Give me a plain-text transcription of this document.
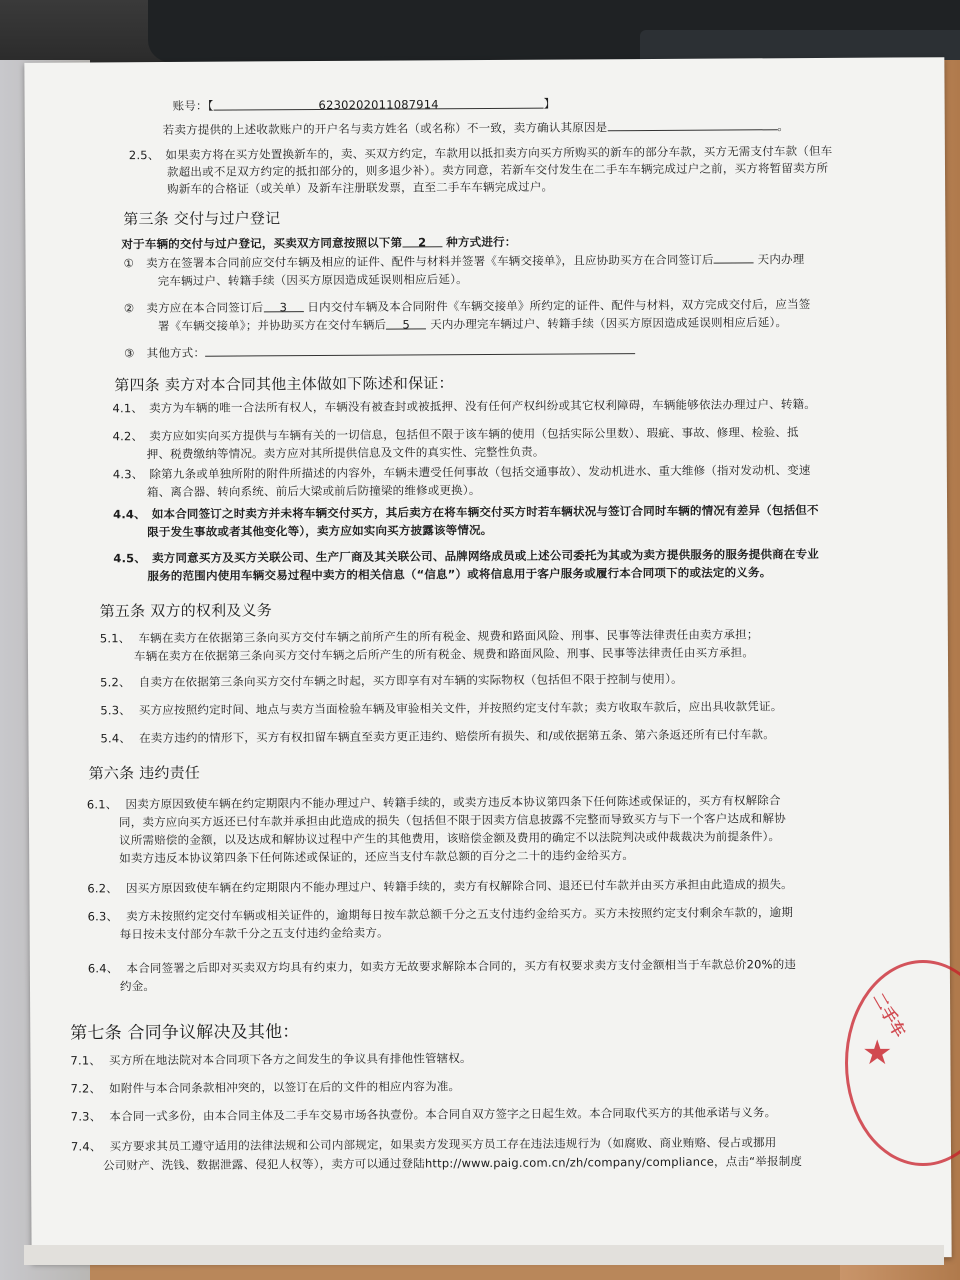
账号：【	6230202011087914	】
若卖方提供的上述收款账户的开户名与卖方姓名（或名称）不一致，卖方确认其原因是	。
2.5、 如果卖方将在买方处置换新车的，卖、买双方约定，车款用以抵扣卖方向买方所购买的新车的部分车款，买方无需支付车款（但车
款超出或不足双方约定的抵扣部分的，则多退少补）。卖方同意，若新车交付发生在二手车车辆完成过户之前，买方将暂留卖方所
购新车的合格证（或关单）及新车注册联发票，直至二手车车辆完成过户。
第三条 交付与过户登记
对于车辆的交付与过户登记，买卖双方同意按照以下第 2 种方式进行：
① 卖方在签署本合同前应交付车辆及相应的证件、配件与材料并签署《车辆交接单》，且应协助买方在合同签订后	天内办理
完车辆过户、转籍手续（因买方原因造成延误则相应后延）。
② 卖方应在本合同签订后 3 日内交付车辆及本合同附件《车辆交接单》所约定的证件、配件与材料，双方完成交付后，应当签
署《车辆交接单》；并协助买方在交付车辆后 5 天内办理完车辆过户、转籍手续（因买方原因造成延误则相应后延）。
③ 其他方式：
第四条 卖方对本合同其他主体做如下陈述和保证：
4.1、 卖方为车辆的唯一合法所有权人，车辆没有被查封或被抵押、没有任何产权纠纷或其它权利障碍，车辆能够依法办理过户、转籍。
4.2、 卖方应如实向买方提供与车辆有关的一切信息，包括但不限于该车辆的使用（包括实际公里数）、瑕疵、事故、修理、检验、抵
押、税费缴纳等情况。卖方应对其所提供信息及文件的真实性、完整性负责。
4.3、 除第九条或单独所附的附件所描述的内容外，车辆未遭受任何事故（包括交通事故）、发动机进水、重大维修（指对发动机、变速
箱、离合器、转向系统、前后大梁或前后防撞梁的维修或更换）。
4.4、 如本合同签订之时卖方并未将车辆交付买方，其后卖方在将车辆交付买方时若车辆状况与签订合同时车辆的情况有差异（包括但不
限于发生事故或者其他变化等），卖方应如实向买方披露该等情况。
4.5、 卖方同意买方及买方关联公司、生产厂商及其关联公司、品牌网络成员或上述公司委托为其或为卖方提供服务的服务提供商在专业
服务的范围内使用车辆交易过程中卖方的相关信息（“信息”）或将信息用于客户服务或履行本合同项下的或法定的义务。
第五条 双方的权利及义务
5.1、 车辆在卖方在依据第三条向买方交付车辆之前所产生的所有税金、规费和路面风险、刑事、民事等法律责任由卖方承担；
车辆在卖方在依据第三条向买方交付车辆之后所产生的所有税金、规费和路面风险、刑事、民事等法律责任由买方承担。
5.2、 自卖方在依据第三条向买方交付车辆之时起，买方即享有对车辆的实际物权（包括但不限于控制与使用）。
5.3、 买方应按照约定时间、地点与卖方当面检验车辆及审验相关文件，并按照约定支付车款；卖方收取车款后，应出具收款凭证。
5.4、 在卖方违约的情形下，买方有权扣留车辆直至卖方更正违约、赔偿所有损失、和/或依据第五条、第六条返还所有已付车款。
第六条 违约责任
6.1、 因卖方原因致使车辆在约定期限内不能办理过户、转籍手续的，或卖方违反本协议第四条下任何陈述或保证的，买方有权解除合
同，卖方应向买方返还已付车款并承担由此造成的损失（包括但不限于因卖方信息披露不完整而导致买方与下一个客户达成和解协
议所需赔偿的金额，以及达成和解协议过程中产生的其他费用，该赔偿金额及费用的确定不以法院判决或仲裁裁决为前提条件）。
如卖方违反本协议第四条下任何陈述或保证的，还应当支付车款总额的百分之二十的违约金给买方。
6.2、 因买方原因致使车辆在约定期限内不能办理过户、转籍手续的，卖方有权解除合同、退还已付车款并由买方承担由此造成的损失。
6.3、 卖方未按照约定交付车辆或相关证件的，逾期每日按车款总额千分之五支付违约金给买方。买方未按照约定支付剩余车款的，逾期
每日按未支付部分车款千分之五支付违约金给卖方。
6.4、 本合同签署之后即对买卖双方均具有约束力，如卖方无故要求解除本合同的，买方有权要求卖方支付金额相当于车款总价20%的违
约金。
第七条 合同争议解决及其他：
7.1、 买方所在地法院对本合同项下各方之间发生的争议具有排他性管辖权。
7.2、 如附件与本合同条款相冲突的，以签订在后的文件的相应内容为准。
7.3、 本合同一式多份，由本合同主体及二手车交易市场各执壹份。本合同自双方签字之日起生效。本合同取代买方的其他承诺与义务。
7.4、 买方要求其员工遵守适用的法律法规和公司内部规定，如果卖方发现买方员工存在违法违规行为（如腐败、商业贿赂、侵占或挪用
公司财产、洗钱、数据泄露、侵犯人权等），卖方可以通过登陆http://www.paig.com.cn/zh/company/compliance，点击“举报制度
二手车
★
